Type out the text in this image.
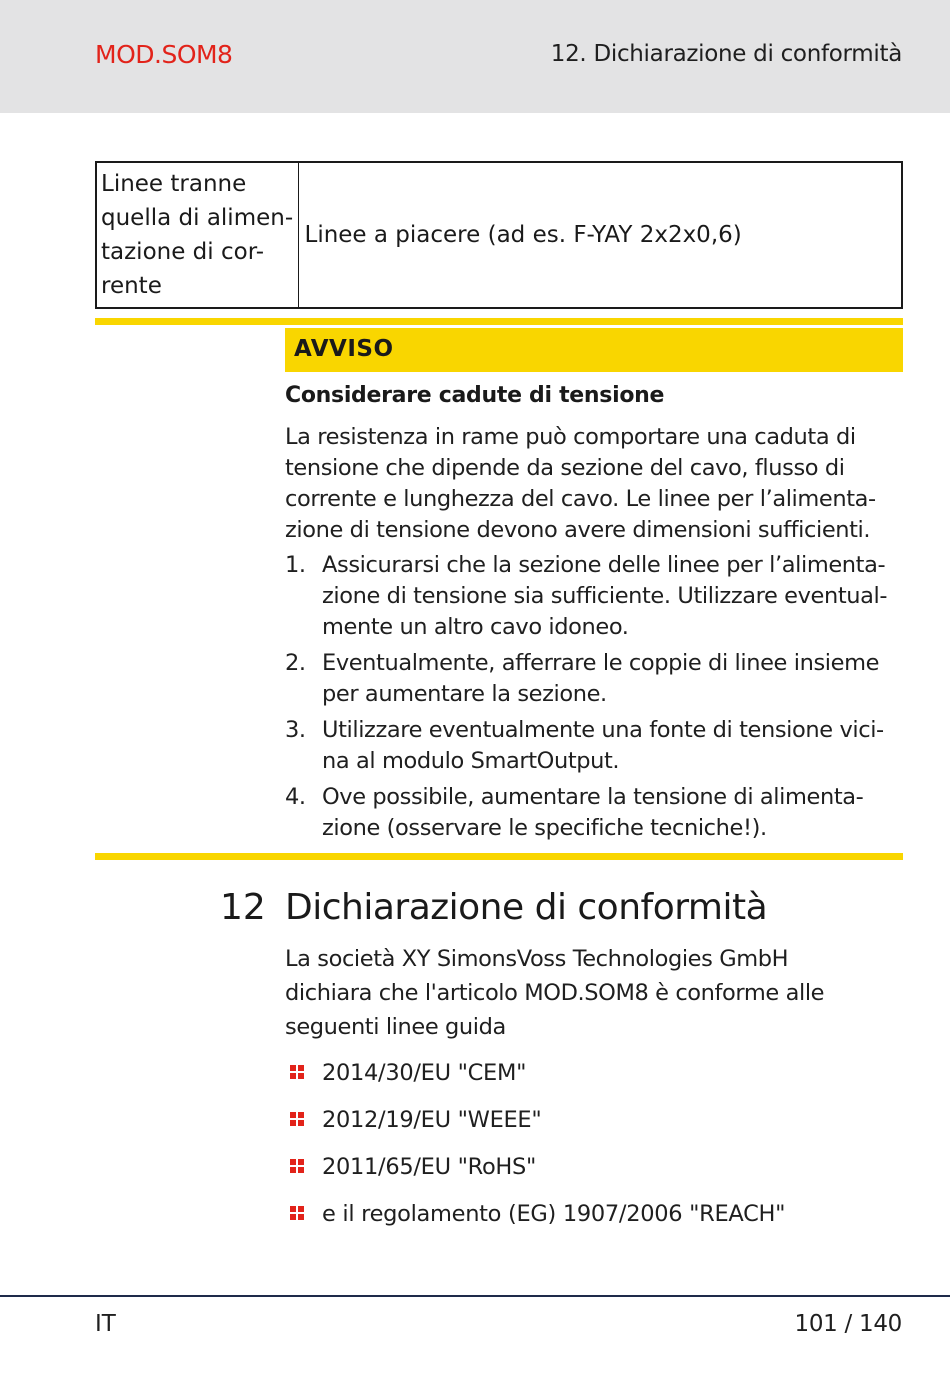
MOD.SOM8	12. Dichiarazione di conformità
Linee tranne
quella di alimen-
tazione di cor-
rente
	Linee a piacere (ad es. F-YAY 2x2x0,6)
AVVISO
Considerare cadute di tensione
La resistenza in rame può comportare una caduta di
tensione che dipende da sezione del cavo, flusso di
corrente e lunghezza del cavo. Le linee per l’alimenta-
zione di tensione devono avere dimensioni sufficienti.
1. Assicurarsi che la sezione delle linee per l’alimenta-
zione di tensione sia sufficiente. Utilizzare eventual-
mente un altro cavo idoneo.
2. Eventualmente, afferrare le coppie di linee insieme
per aumentare la sezione.
3. Utilizzare eventualmente una fonte di tensione vici-
na al modulo SmartOutput.
4. Ove possibile, aumentare la tensione di alimenta-
zione (osservare le specifiche tecniche!).
12 Dichiarazione di conformità
La società XY SimonsVoss Technologies GmbH
dichiara che l'articolo MOD.SOM8 è conforme alle
seguenti linee guida
2014/30/EU "CEM"
2012/19/EU "WEEE"
2011/65/EU "RoHS"
e il regolamento (EG) 1907/2006 "REACH"
IT	101 / 140
